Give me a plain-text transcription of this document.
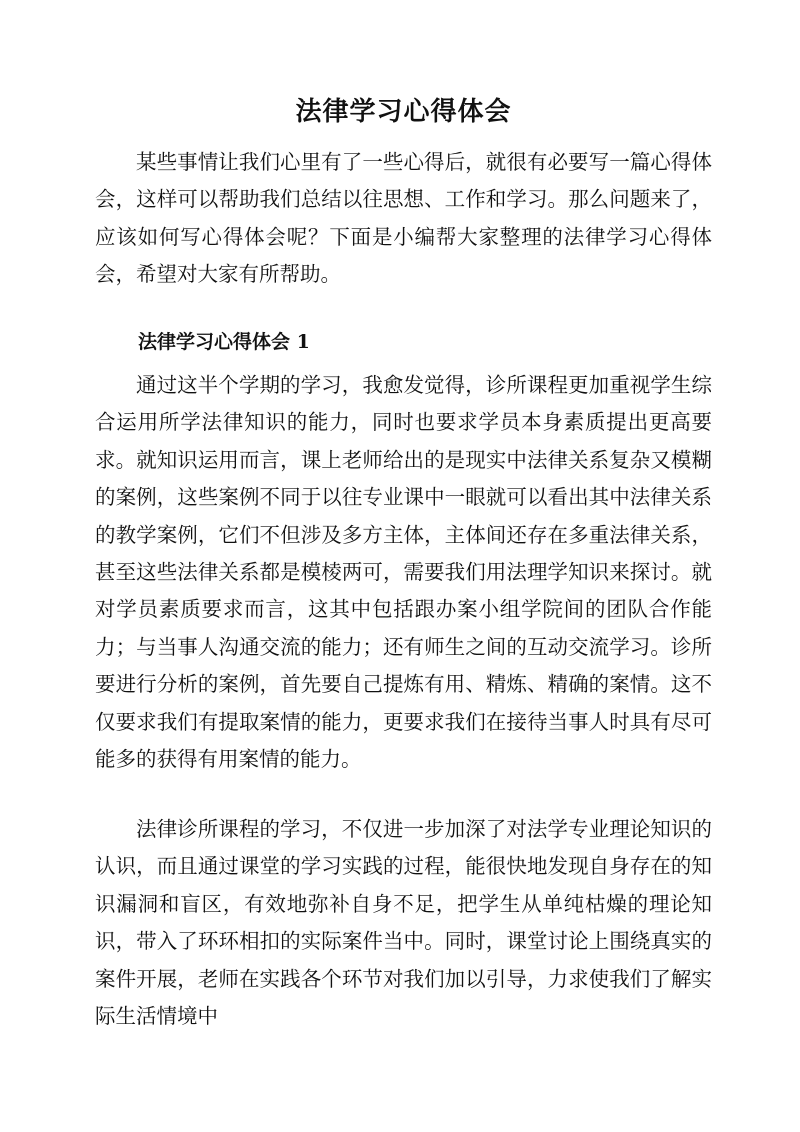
法律学习心得体会

某些事情让我们心里有了一些心得后，就很有必要写一篇心得体会，这样可以帮助我们总结以往思想、工作和学习。那么问题来了，应该如何写心得体会呢？下面是小编帮大家整理的法律学习心得体会，希望对大家有所帮助。

法律学习心得体会 1

通过这半个学期的学习，我愈发觉得，诊所课程更加重视学生综合运用所学法律知识的能力，同时也要求学员本身素质提出更高要求。就知识运用而言，课上老师给出的是现实中法律关系复杂又模糊的案例，这些案例不同于以往专业课中一眼就可以看出其中法律关系的教学案例，它们不但涉及多方主体，主体间还存在多重法律关系，甚至这些法律关系都是模棱两可，需要我们用法理学知识来探讨。就对学员素质要求而言，这其中包括跟办案小组学院间的团队合作能力；与当事人沟通交流的能力；还有师生之间的互动交流学习。诊所要进行分析的案例，首先要自己提炼有用、精炼、精确的案情。这不仅要求我们有提取案情的能力，更要求我们在接待当事人时具有尽可能多的获得有用案情的能力。

法律诊所课程的学习，不仅进一步加深了对法学专业理论知识的认识，而且通过课堂的学习实践的过程，能很快地发现自身存在的知识漏洞和盲区，有效地弥补自身不足，把学生从单纯枯燥的理论知识，带入了环环相扣的实际案件当中。同时，课堂讨论上围绕真实的案件开展，老师在实践各个环节对我们加以引导，力求使我们了解实际生活情境中
